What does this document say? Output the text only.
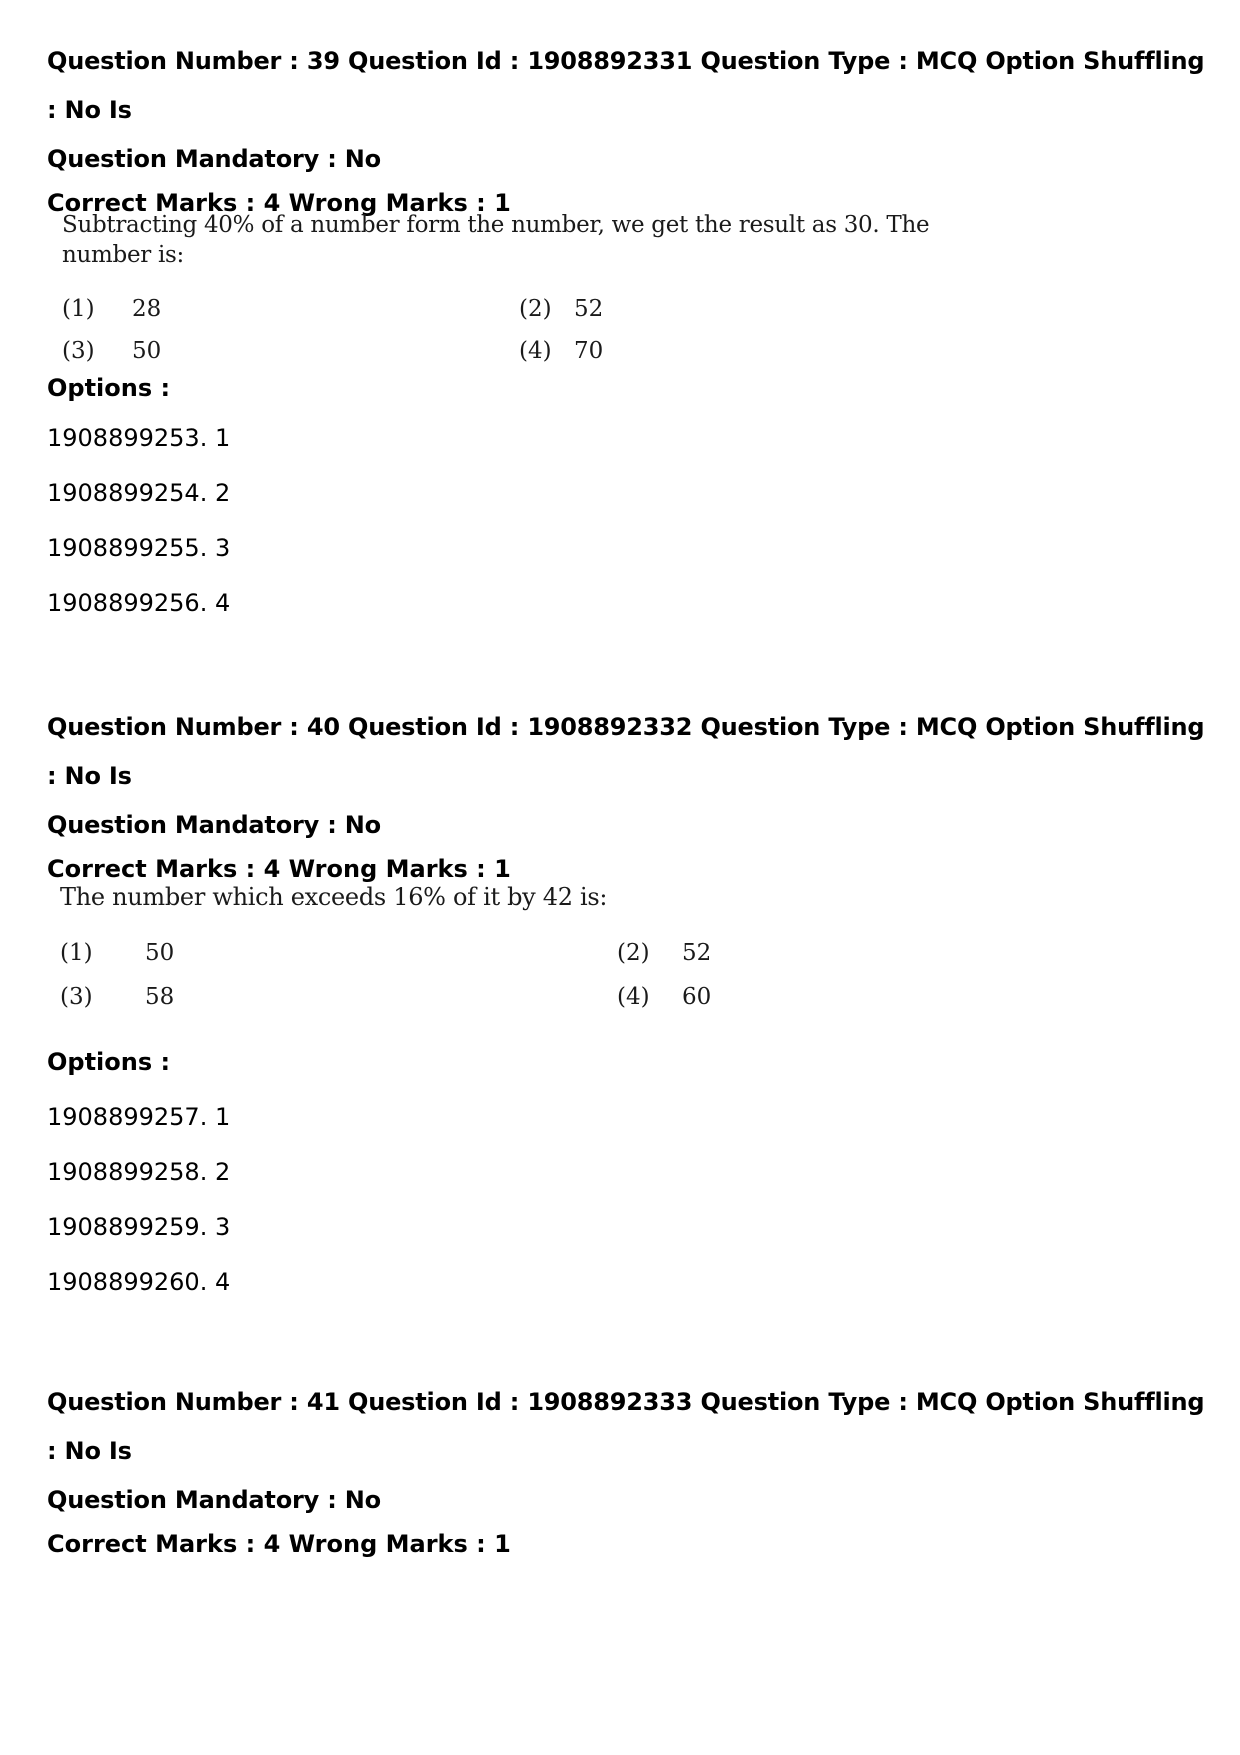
Question Number : 39 Question Id : 1908892331 Question Type : MCQ Option Shuffling : No Is

Question Mandatory : No

Correct Marks : 4 Wrong Marks : 1

Subtracting 40% of a number form the number, we get the result as 30. The number is:

(1) 28	(2) 52
(3) 50	(4) 70

Options :

1908899253. 1

1908899254. 2

1908899255. 3

1908899256. 4

Question Number : 40 Question Id : 1908892332 Question Type : MCQ Option Shuffling : No Is

Question Mandatory : No

Correct Marks : 4 Wrong Marks : 1

The number which exceeds 16% of it by 42 is:

(1) 50	(2) 52
(3) 58	(4) 60

Options :

1908899257. 1

1908899258. 2

1908899259. 3

1908899260. 4

Question Number : 41 Question Id : 1908892333 Question Type : MCQ Option Shuffling : No Is

Question Mandatory : No

Correct Marks : 4 Wrong Marks : 1
